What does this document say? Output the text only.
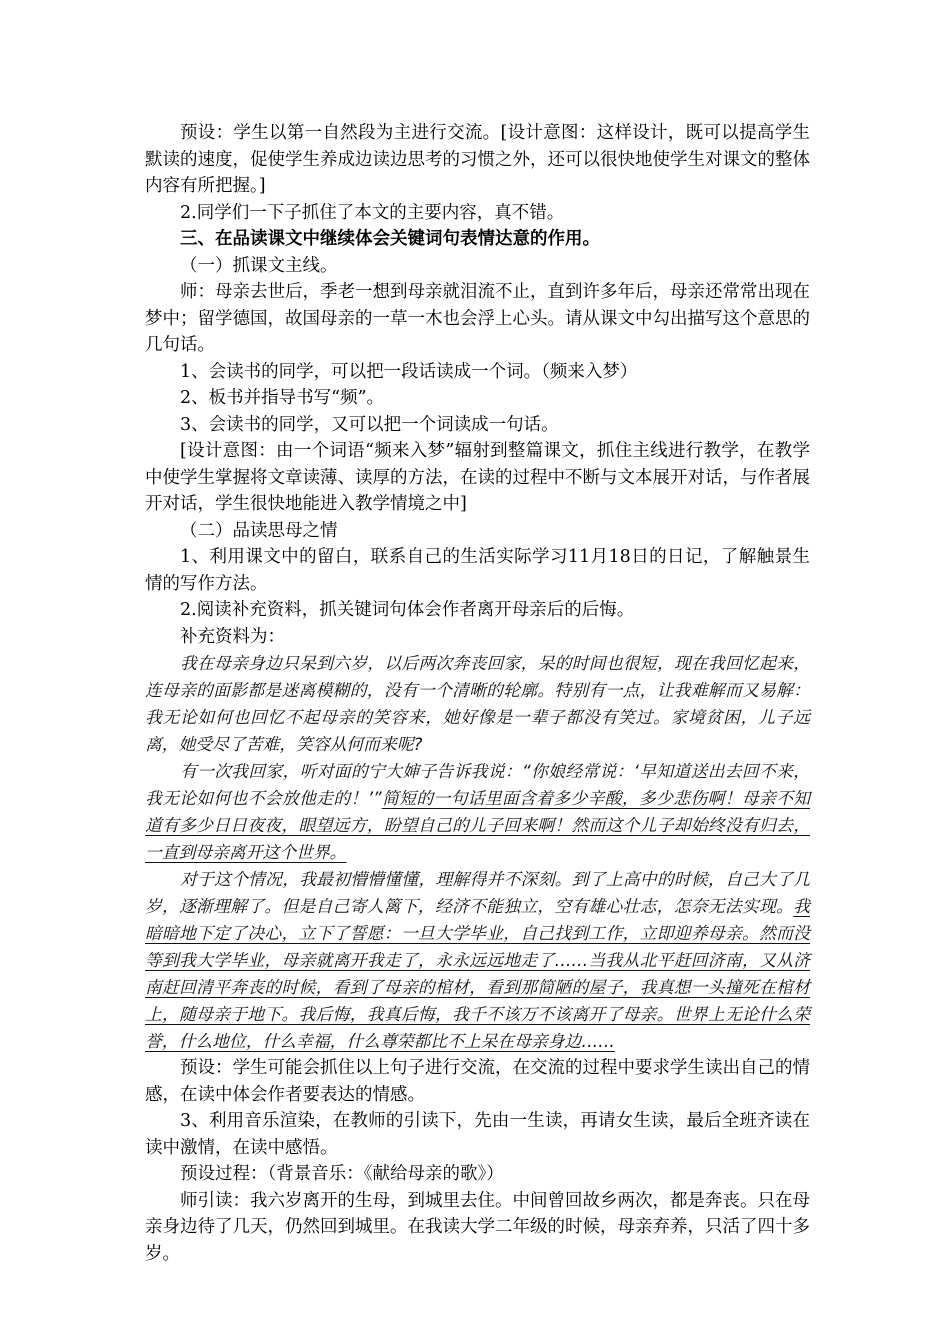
预设：学生以第一自然段为主进行交流。[设计意图：这样设计，既可以提高学生默读的速度，促使学生养成边读边思考的习惯之外，还可以很快地使学生对课文的整体内容有所把握。]

2.同学们一下子抓住了本文的主要内容，真不错。

三、在品读课文中继续体会关键词句表情达意的作用。

（一）抓课文主线。

师：母亲去世后，季老一想到母亲就泪流不止，直到许多年后，母亲还常常出现在梦中；留学德国，故国母亲的一草一木也会浮上心头。请从课文中勾出描写这个意思的几句话。

1、会读书的同学，可以把一段话读成一个词。（频来入梦）

2、板书并指导书写“频”。

3、会读书的同学，又可以把一个词读成一句话。

[设计意图：由一个词语“频来入梦”辐射到整篇课文，抓住主线进行教学，在教学中使学生掌握将文章读薄、读厚的方法，在读的过程中不断与文本展开对话，与作者展开对话，学生很快地能进入教学情境之中]

（二）品读思母之情

1、利用课文中的留白，联系自己的生活实际学习11月18日的日记，了解触景生情的写作方法。

2.阅读补充资料，抓关键词句体会作者离开母亲后的后悔。

补充资料为：

我在母亲身边只呆到六岁，以后两次奔丧回家，呆的时间也很短，现在我回忆起来，连母亲的面影都是迷离模糊的，没有一个清晰的轮廓。特别有一点，让我难解而又易解：我无论如何也回忆不起母亲的笑容来，她好像是一辈子都没有笑过。家境贫困，儿子远离，她受尽了苦难，笑容从何而来呢?

有一次我回家，听对面的宁大婶子告诉我说：“你娘经常说：‘早知道送出去回不来，我无论如何也不会放他走的！’”简短的一句话里面含着多少辛酸，多少悲伤啊！母亲不知道有多少日日夜夜，眼望远方，盼望自己的儿子回来啊！然而这个儿子却始终没有归去，一直到母亲离开这个世界。

对于这个情况，我最初懵懵懂懂，理解得并不深刻。到了上高中的时候，自己大了几岁，逐渐理解了。但是自己寄人篱下，经济不能独立，空有雄心壮志，怎奈无法实现。我暗暗地下定了决心，立下了誓愿：一旦大学毕业，自己找到工作，立即迎养母亲。然而没等到我大学毕业，母亲就离开我走了，永永远远地走了……当我从北平赶回济南，又从济南赶回清平奔丧的时候，看到了母亲的棺材，看到那简陋的屋子，我真想一头撞死在棺材上，随母亲于地下。我后悔，我真后悔，我千不该万不该离开了母亲。世界上无论什么荣誉，什么地位，什么幸福，什么尊荣都比不上呆在母亲身边……

预设：学生可能会抓住以上句子进行交流，在交流的过程中要求学生读出自己的情感，在读中体会作者要表达的情感。

3、利用音乐渲染，在教师的引读下，先由一生读，再请女生读，最后全班齐读在读中激情，在读中感悟。

预设过程：（背景音乐：《献给母亲的歌》）

师引读：我六岁离开的生母，到城里去住。中间曾回故乡两次，都是奔丧。只在母亲身边待了几天，仍然回到城里。在我读大学二年级的时候，母亲弃养，只活了四十多岁。
